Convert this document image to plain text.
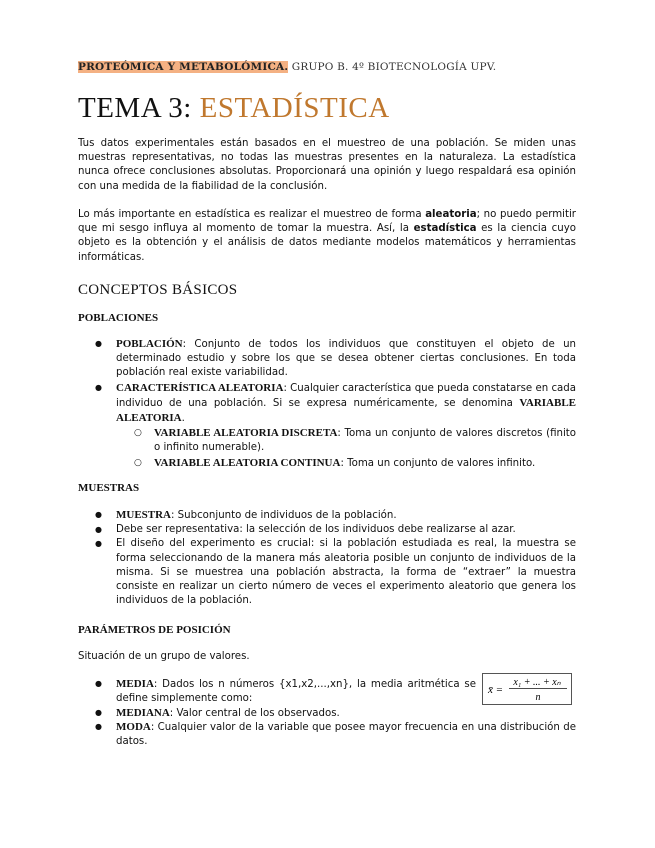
PROTEÓMICA Y METABOLÓMICA. GRUPO B. 4º BIOTECNOLOGÍA UPV.
TEMA 3: ESTADÍSTICA

Tus datos experimentales están basados en el muestreo de una población. Se miden unas muestras representativas, no todas las muestras presentes en la naturaleza. La estadística nunca ofrece conclusiones absolutas. Proporcionará una opinión y luego respaldará esa opinión con una medida de la fiabilidad de la conclusión.

Lo más importante en estadística es realizar el muestreo de forma aleatoria; no puedo permitir que mi sesgo influya al momento de tomar la muestra. Así, la estadística es la ciencia cuyo objeto es la obtención y el análisis de datos mediante modelos matemáticos y herramientas informáticas.

CONCEPTOS BÁSICOS
POBLACIONES
● POBLACIÓN: Conjunto de todos los individuos que constituyen el objeto de un determinado estudio y sobre los que se desea obtener ciertas conclusiones. En toda población real existe variabilidad.
● CARACTERÍSTICA ALEATORIA: Cualquier característica que pueda constatarse en cada individuo de una población. Si se expresa numéricamente, se denomina VARIABLE ALEATORIA.
○ VARIABLE ALEATORIA DISCRETA: Toma un conjunto de valores discretos (finito o infinito numerable).
○ VARIABLE ALEATORIA CONTINUA: Toma un conjunto de valores infinito.
MUESTRAS
● MUESTRA: Subconjunto de individuos de la población.
● Debe ser representativa: la selección de los individuos debe realizarse al azar.
● El diseño del experimento es crucial: si la población estudiada es real, la muestra se forma seleccionando de la manera más aleatoria posible un conjunto de individuos de la misma. Si se muestrea una población abstracta, la forma de “extraer” la muestra consiste en realizar un cierto número de veces el experimento aleatorio que genera los individuos de la población.
PARÁMETROS DE POSICIÓN

Situación de un grupo de valores.

● MEDIA: Dados los n números {x1,x2,...,xn}, la media aritmética se define simplemente como:
● MEDIANA: Valor central de los observados.
● MODA: Cualquier valor de la variable que posee mayor frecuencia en una distribución de datos.
x̄ =
x₁ + ... + xₙ
n
